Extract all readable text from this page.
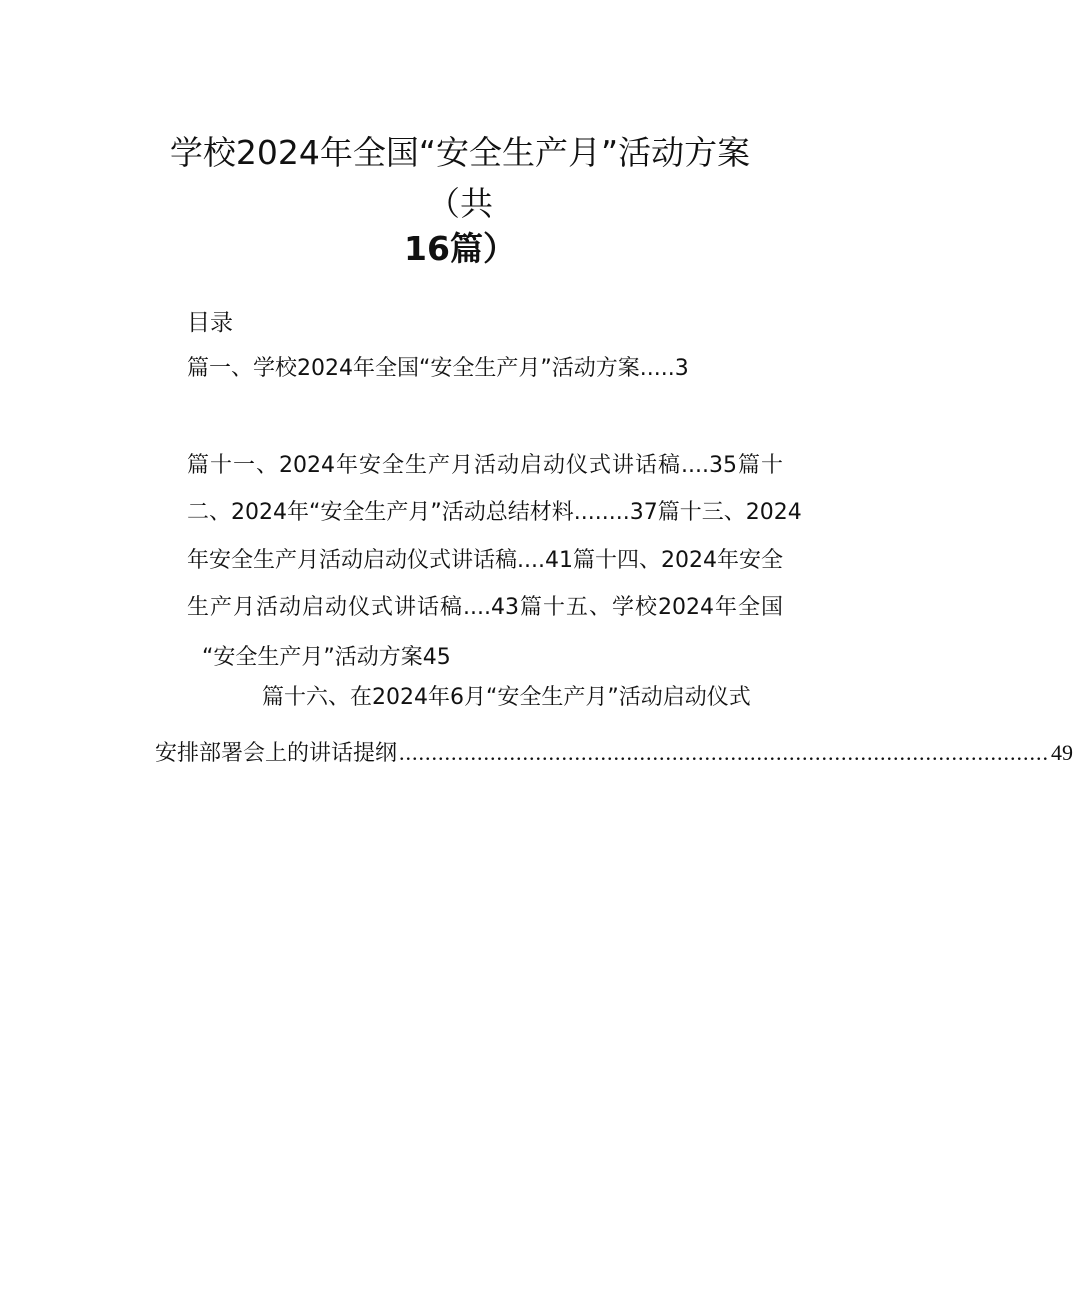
学校2024年全国“安全生产月”活动方案
（共
16篇）
目录
篇一、学校2024年全国“安全生产月”活动方案.....3
篇十一、2024年安全生产月活动启动仪式讲话稿....35篇十
二、2024年“安全生产月”活动总结材料........37篇十三、2024
年安全生产月活动启动仪式讲话稿....41篇十四、2024年安全
生产月活动启动仪式讲话稿....43篇十五、学校2024年全国
“安全生产月”活动方案45
篇十六、在2024年6月“安全生产月”活动启动仪式
安排部署会上的讲话提纲 .................................................................................................... 49
